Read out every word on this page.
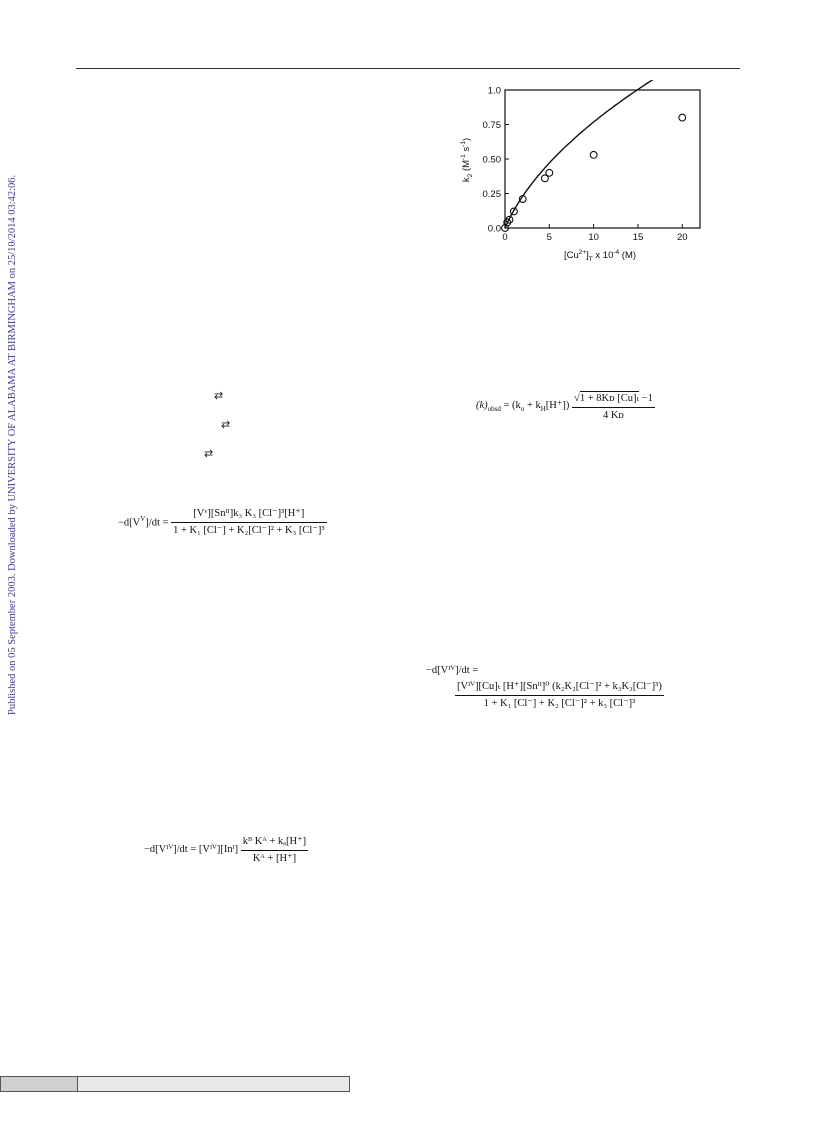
Published on 05 September 2003. Downloaded by UNIVERSITY OF ALABAMA AT BIRMINGHAM on 25/10/2014 03:42:06.	0	5	10	15	20
0.0
0.25
0.50
0.75
1.0
$[Cu^{2+}]_T$ x $10^{-4}$ (M)
$k_2$ ($M^{-1}$ $s^{-1}$)
⇄
⇄
⇄
$-d[V^V]/dt = \frac{\text{[Vᵛ][Snᴵᴵ]k₃ K₃ [Cl⁻]³[H⁺]}}{\text{1 + K₁ [Cl⁻] + K₂[Cl⁻]² + K₃ [Cl⁻]³}}$
$(k)_{obsd} = (k_o + k_H[H^+]) \frac{\text{√1 + 8Kᴅ [Cu]ₜ −1}}{\text{4 Kᴅ}}$
−d[Vᴵⱽ]/dt =
$\frac{\text{[Vᴵⱽ][Cu]ₜ [H⁺][Snᴵᴵ]⁰ (k₂K₂[Cl⁻]² + k₃K₃[Cl⁻]³)}}{\text{1 + K₁ [Cl⁻] + K₂ [Cl⁻]² + k₃ [Cl⁻]³}}$
−d[Vᴵⱽ]/dt = [Vᴵⱽ][Inᴵ] $\frac{\text{kᴮ Kᴬ + kₐ[H⁺]}}{\text{Kᴬ + [H⁺]}}$
